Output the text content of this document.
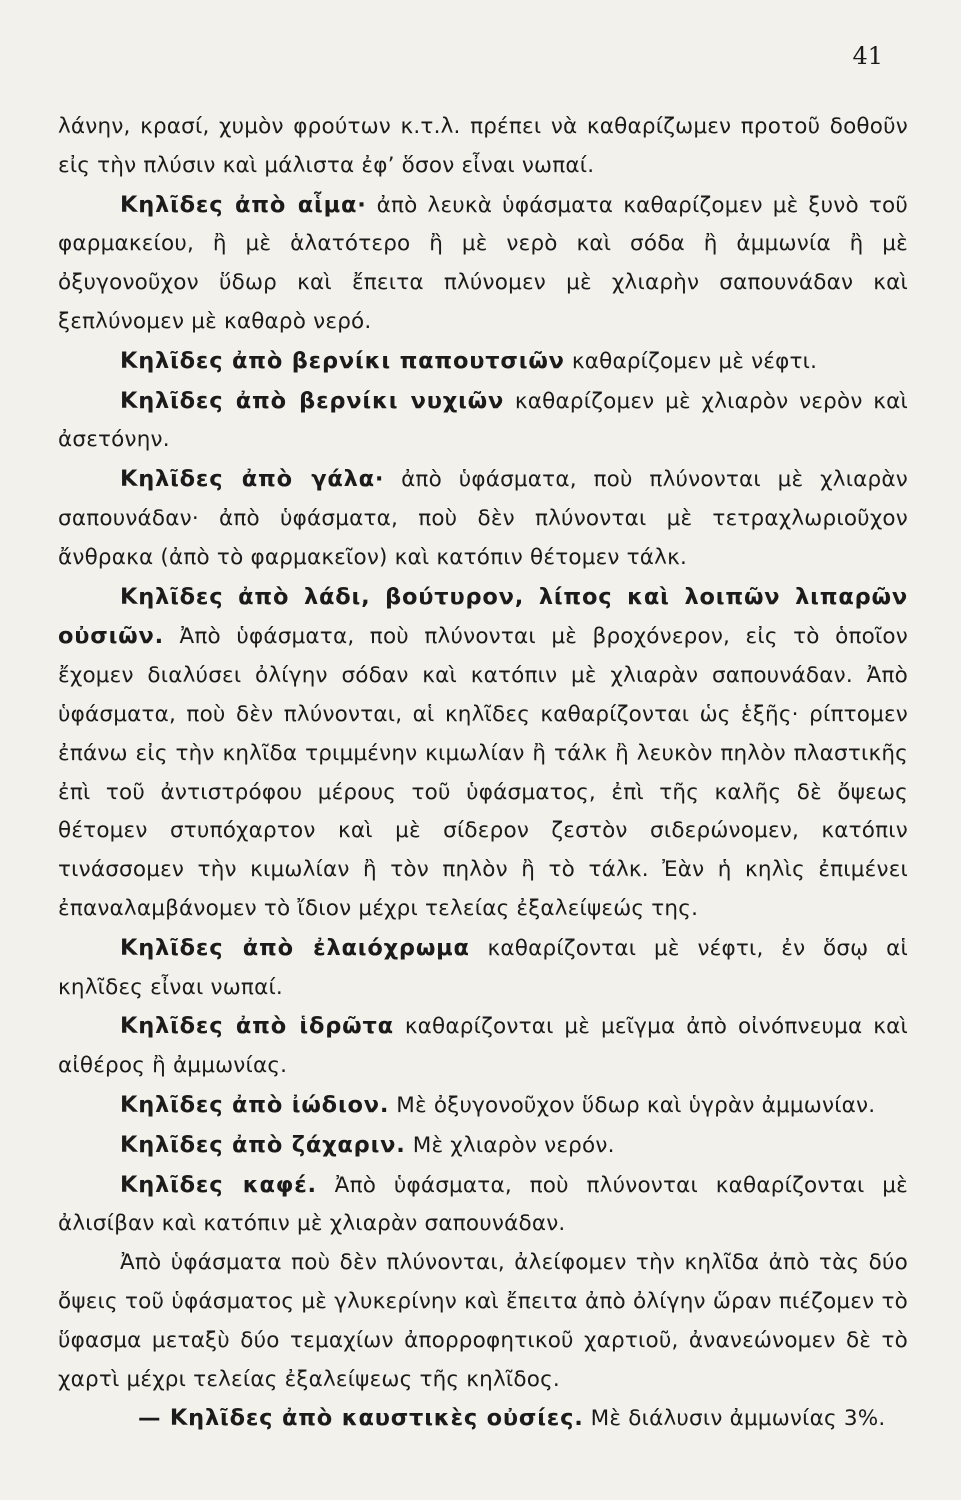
41

λάνην, κρασί, χυμὸν φρούτων κ.τ.λ. πρέπει νὰ καθαρίζωμεν προτοῦ δοθοῦν εἰς τὴν πλύσιν καὶ μάλιστα ἐφ’ ὅσον εἶναι νωπαί.

Κηλῖδες ἀπὸ αἷμα· ἀπὸ λευκὰ ὑφάσματα καθαρίζομεν μὲ ξυνὸ τοῦ φαρμακείου, ἢ μὲ ἁλατότερο ἢ μὲ νερὸ καὶ σόδα ἢ ἀμμωνία ἢ μὲ ὀξυγονοῦχον ὕδωρ καὶ ἔπειτα πλύνομεν μὲ χλιαρὴν σαπουνάδαν καὶ ξεπλύνομεν μὲ καθαρὸ νερό.

Κηλῖδες ἀπὸ βερνίκι παπουτσιῶν καθαρίζομεν μὲ νέφτι.

Κηλῖδες ἀπὸ βερνίκι νυχιῶν καθαρίζομεν μὲ χλιαρὸν νερὸν καὶ ἀσετόνην.

Κηλῖδες ἀπὸ γάλα· ἀπὸ ὑφάσματα, ποὺ πλύνονται μὲ χλιαρὰν σαπουνάδαν· ἀπὸ ὑφάσματα, ποὺ δὲν πλύνονται μὲ τετραχλωριοῦχον ἄνθρακα (ἀπὸ τὸ φαρμακεῖον) καὶ κατόπιν θέτομεν τάλκ.

Κηλῖδες ἀπὸ λάδι, βούτυρον, λίπος καὶ λοιπῶν λιπαρῶν οὐσιῶν. Ἀπὸ ὑφάσματα, ποὺ πλύνονται μὲ βροχόνερον, εἰς τὸ ὁποῖον ἔχομεν διαλύσει ὀλίγην σόδαν καὶ κατόπιν μὲ χλιαρὰν σαπουνάδαν. Ἀπὸ ὑφάσματα, ποὺ δὲν πλύνονται, αἱ κηλῖδες καθαρίζονται ὡς ἑξῆς· ρίπτομεν ἐπάνω εἰς τὴν κηλῖδα τριμμένην κιμωλίαν ἢ τάλκ ἢ λευκὸν πηλὸν πλαστικῆς ἐπὶ τοῦ ἀντιστρόφου μέρους τοῦ ὑφάσματος, ἐπὶ τῆς καλῆς δὲ ὄψεως θέτομεν στυπόχαρτον καὶ μὲ σίδερον ζεστὸν σιδερώνομεν, κατόπιν τινάσσομεν τὴν κιμωλίαν ἢ τὸν πηλὸν ἢ τὸ τάλκ. Ἐὰν ἡ κηλὶς ἐπιμένει ἐπαναλαμβάνομεν τὸ ἴδιον μέχρι τελείας ἐξαλείψεώς της.

Κηλῖδες ἀπὸ ἐλαιόχρωμα καθαρίζονται μὲ νέφτι, ἐν ὅσῳ αἱ κηλῖδες εἶναι νωπαί.

Κηλῖδες ἀπὸ ἱδρῶτα καθαρίζονται μὲ μεῖγμα ἀπὸ οἰνόπνευμα καὶ αἰθέρος ἢ ἀμμωνίας.

Κηλῖδες ἀπὸ ἰώδιον. Μὲ ὀξυγονοῦχον ὕδωρ καὶ ὑγρὰν ἀμμωνίαν.

Κηλῖδες ἀπὸ ζάχαριν. Μὲ χλιαρὸν νερόν.

Κηλῖδες καφέ. Ἀπὸ ὑφάσματα, ποὺ πλύνονται καθαρίζονται μὲ ἀλισίβαν καὶ κατόπιν μὲ χλιαρὰν σαπουνάδαν.

Ἀπὸ ὑφάσματα ποὺ δὲν πλύνονται, ἀλείφομεν τὴν κηλῖδα ἀπὸ τὰς δύο ὄψεις τοῦ ὑφάσματος μὲ γλυκερίνην καὶ ἔπειτα ἀπὸ ὀλίγην ὥραν πιέζομεν τὸ ὕφασμα μεταξὺ δύο τεμαχίων ἀπορροφητικοῦ χαρτιοῦ, ἀνανεώνομεν δὲ τὸ χαρτὶ μέχρι τελείας ἐξαλείψεως τῆς κηλῖδος.

— Κηλῖδες ἀπὸ καυστικὲς οὐσίες. Μὲ διάλυσιν ἀμμωνίας 3%.
